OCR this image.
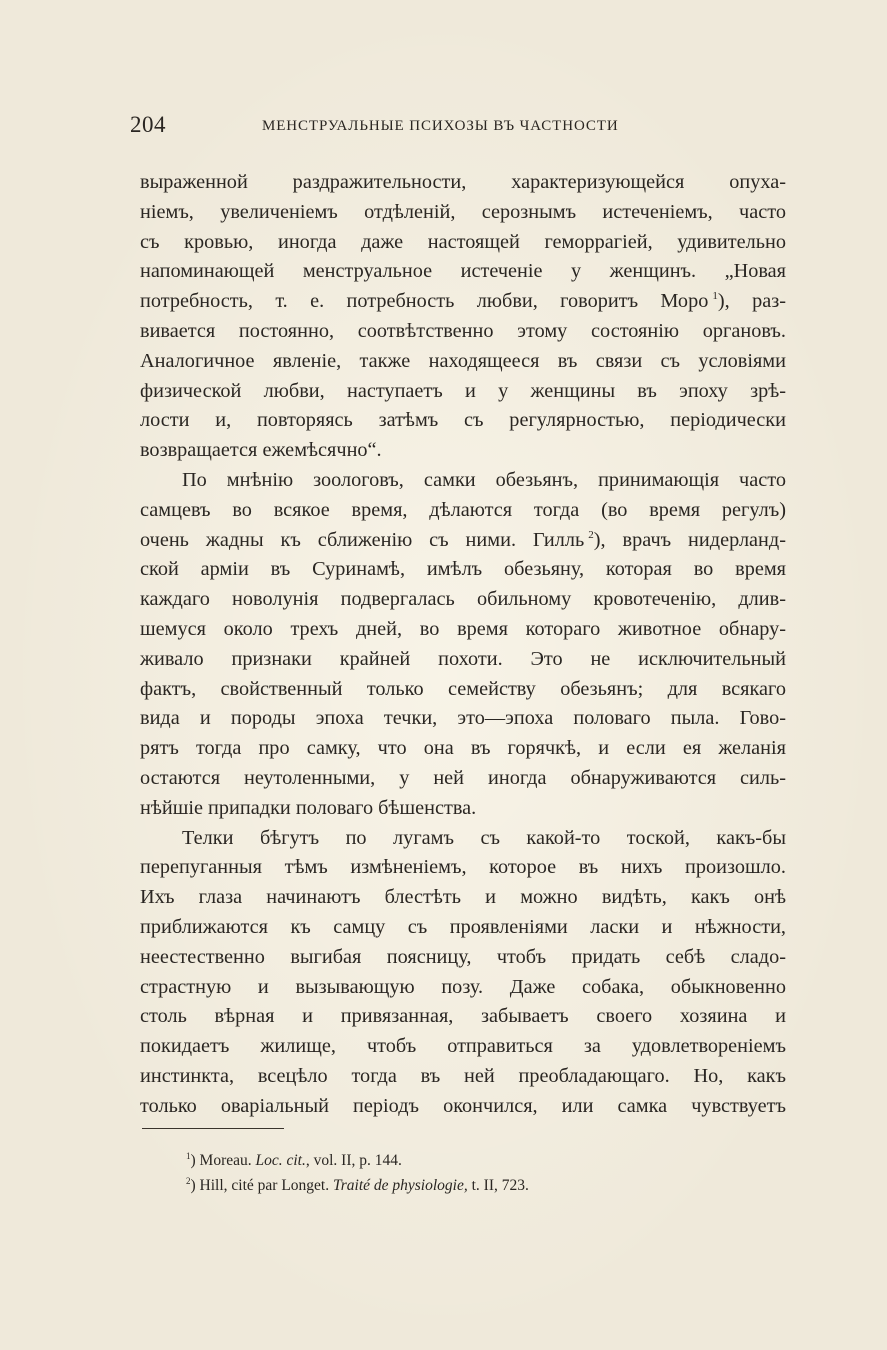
204	МЕНСТРУАЛЬНЫЕ ПСИХОЗЫ ВЪ ЧАСТНОСТИ
выраженной раздражительности, характеризующейся опуха-
ніемъ, увеличеніемъ отдѣленій, серознымъ истеченіемъ, часто
съ кровью, иногда даже настоящей геморрагіей, удивительно
напоминающей менструальное истеченіе у женщинъ. „Новая
потребность, т. е. потребность любви, говоритъ Моро  $^1$), раз-
вивается постоянно, соотвѣтственно этому состоянію органовъ.
Аналогичное явленіе, также находящееся въ связи съ условіями
физической любви, наступаетъ и у женщины въ эпоху зрѣ-
лости и, повторяясь затѣмъ съ регулярностью, періодически
возвращается ежемѣсячно“.
По мнѣнію зоологовъ, самки обезьянъ, принимающія часто
самцевъ во всякое время, дѣлаются тогда (во время регулъ)
очень жадны къ сближенію съ ними. Гилль  $^2$), врачъ нидерланд-
ской арміи въ Суринамѣ, имѣлъ обезьяну, которая во время
каждаго новолунія подвергалась обильному кровотеченію, длив-
шемуся около трехъ дней, во время котораго животное обнару-
живало признаки крайней похоти. Это не исключительный
фактъ, свойственный только семейству обезьянъ; для всякаго
вида и породы эпоха течки, это—эпоха половаго пыла. Гово-
рятъ тогда про самку, что она въ горячкѣ, и если ея желанія
остаются неутоленными, у ней иногда обнаруживаются силь-
нѣйшіе припадки половаго бѣшенства.
Телки бѣгутъ по лугамъ съ какой-то тоской, какъ-бы
перепуганныя тѣмъ измѣненіемъ, которое въ нихъ произошло.
Ихъ глаза начинаютъ блестѣть и можно видѣть, какъ онѣ
приближаются къ самцу съ проявленіями ласки и нѣжности,
неестественно выгибая поясницу, чтобъ придать себѣ сладо-
страстную и вызывающую позу. Даже собака, обыкновенно
столь вѣрная и привязанная, забываетъ своего хозяина и
покидаетъ жилище, чтобъ отправиться за удовлетвореніемъ
инстинкта, всецѣло тогда въ ней преобладающаго. Но, какъ
только оваріальный періодъ окончился, или самка чувствуетъ
$^1$) Moreau. Loc. cit., vol. II, p. 144.
$^2$) Hill, cité par Longet. Traité de physiologie, t. II, 723.
